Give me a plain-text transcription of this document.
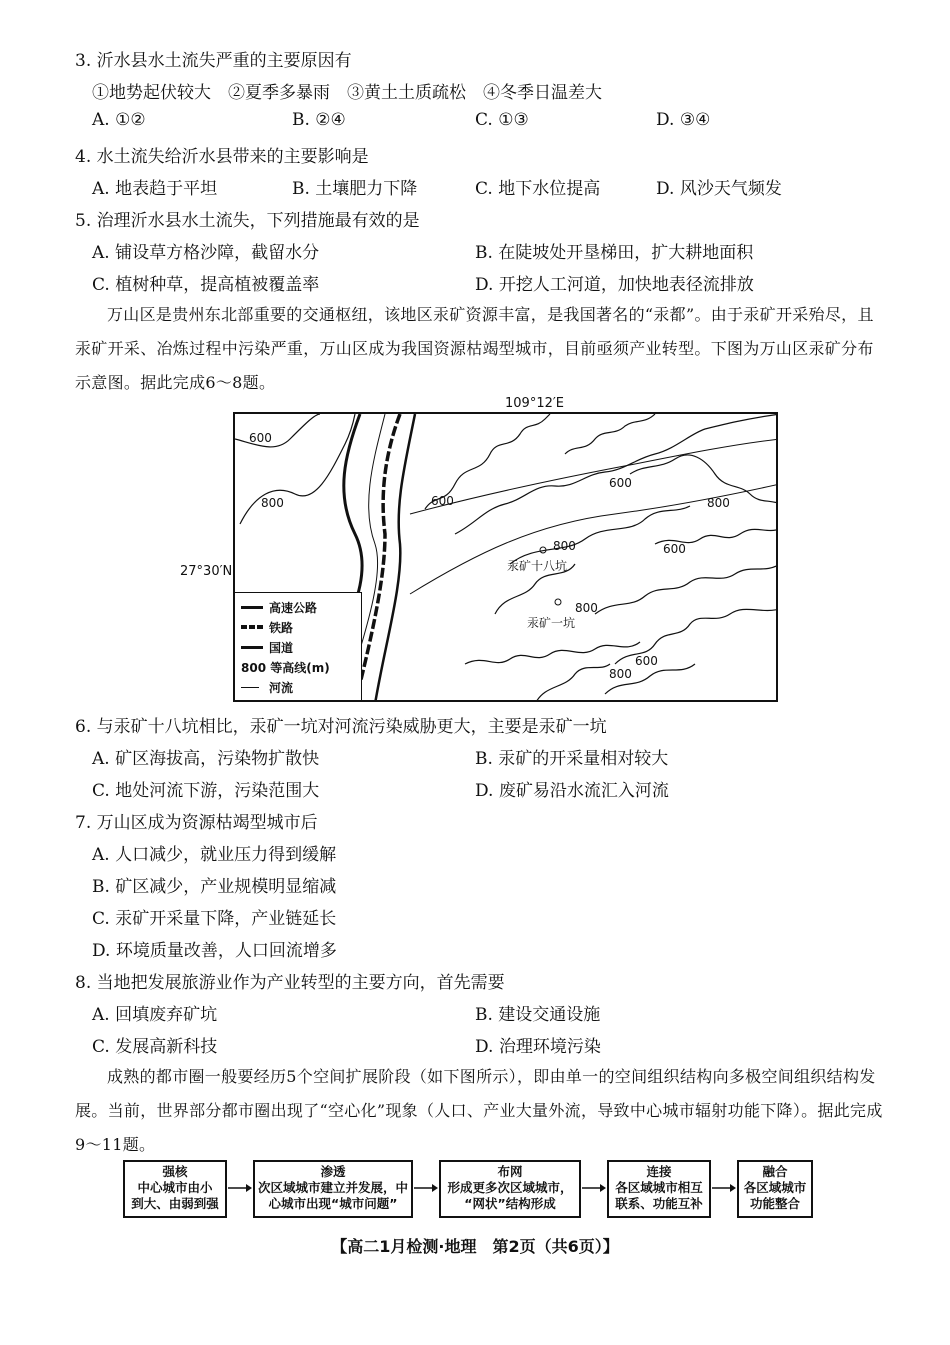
3. 沂水县水土流失严重的主要原因有
①地势起伏较大　②夏季多暴雨　③黄土土质疏松　④冬季日温差大
A. ①②	B. ②④	C. ①③	D. ③④
4. 水土流失给沂水县带来的主要影响是
A. 地表趋于平坦	B. 土壤肥力下降	C. 地下水位提高	D. 风沙天气频发
5. 治理沂水县水土流失，下列措施最有效的是
A. 铺设草方格沙障，截留水分	B. 在陡坡处开垦梯田，扩大耕地面积
C. 植树种草，提高植被覆盖率	D. 开挖人工河道，加快地表径流排放

万山区是贵州东北部重要的交通枢纽，该地区汞矿资源丰富，是我国著名的“汞都”。由于汞矿开采殆尽，且汞矿开采、冶炼过程中污染严重，万山区成为我国资源枯竭型城市，目前亟须产业转型。下图为万山区汞矿分布示意图。据此完成6～8题。

109°12′E
27°30′N
600
800	600
600
800
800	600
800
600
800
汞矿十八坑
汞矿一坑
高速公路
铁路
国道
800 等高线(m)
河流
6. 与汞矿十八坑相比，汞矿一坑对河流污染威胁更大，主要是汞矿一坑
A. 矿区海拔高，污染物扩散快	B. 汞矿的开采量相对较大
C. 地处河流下游，污染范围大	D. 废矿易沿水流汇入河流
7. 万山区成为资源枯竭型城市后
A. 人口减少，就业压力得到缓解
B. 矿区减少，产业规模明显缩减
C. 汞矿开采量下降，产业链延长
D. 环境质量改善，人口回流增多
8. 当地把发展旅游业作为产业转型的主要方向，首先需要
A. 回填废弃矿坑	B. 建设交通设施
C. 发展高新科技	D. 治理环境污染

成熟的都市圈一般要经历5个空间扩展阶段（如下图所示），即由单一的空间组织结构向多极空间组织结构发展。当前，世界部分都市圈出现了“空心化”现象（人口、产业大量外流，导致中心城市辐射功能下降）。据此完成9～11题。

强核
中心城市由小
到大、由弱到强
渗透
次区域城市建立并发展，中
心城市出现“城市问题”
布网
形成更多次区域城市，
“网状”结构形成
连接
各区域城市相互
联系、功能互补
融合
各区域城市
功能整合
【高二1月检测·地理　第2页（共6页）】
